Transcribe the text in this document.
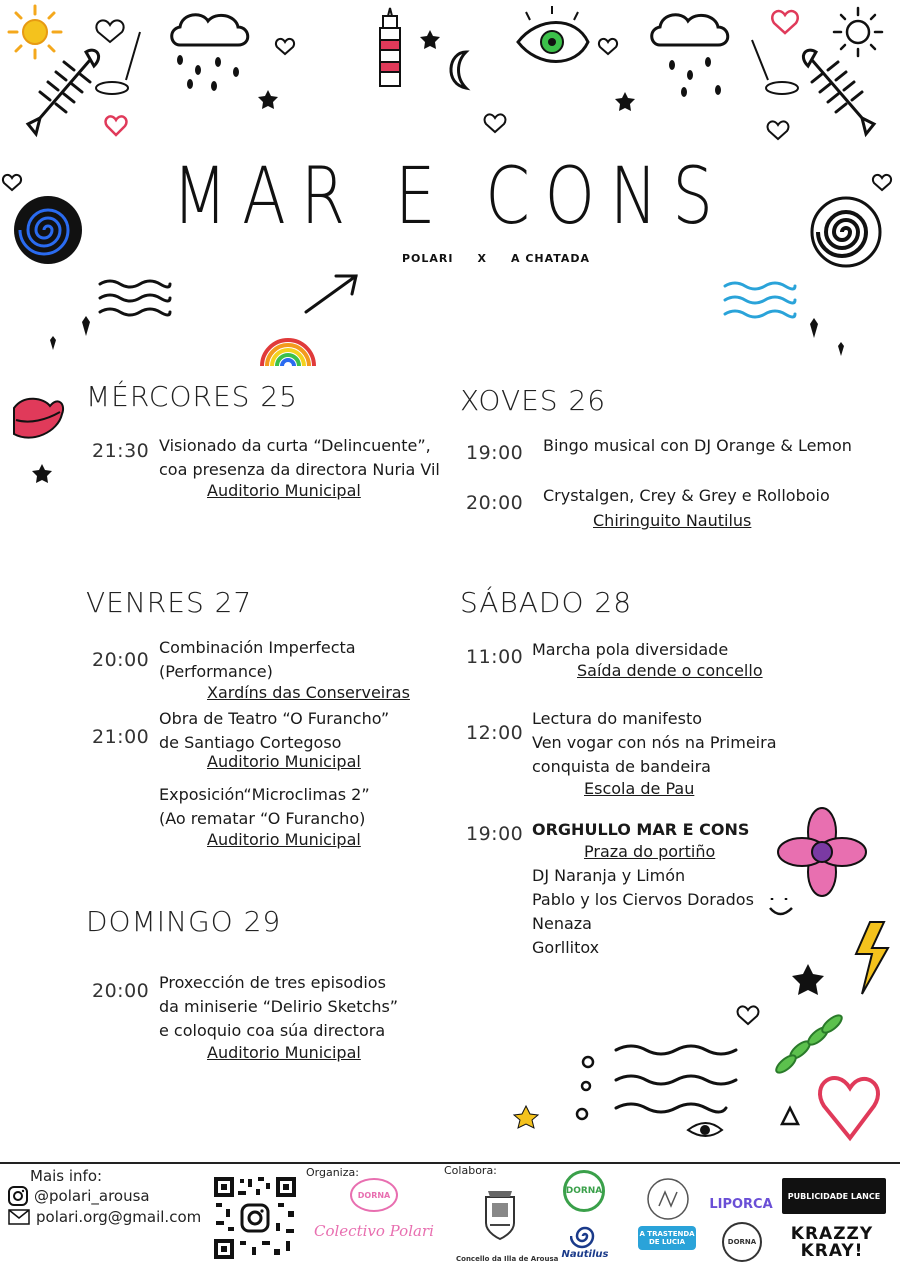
MAR E CONS
POLARI X A CHATADA
MÉRCORES 25
21:30 Visionado da curta “Delincuente”,
coa presenza da directora Nuria Vil
Auditorio Municipal
XOVES 26
19:00 Bingo musical con DJ Orange & Lemon
20:00 Crystalgen, Crey & Grey e Rolloboio
Chiringuito Nautilus
VENRES 27
20:00
Combinación Imperfecta
(Performance)
Xardíns das Conserveiras
21:00
Obra de Teatro “O Furancho”
de Santiago Cortegoso
Auditorio Municipal
Exposición“Microclimas 2”
(Ao rematar “O Furancho)
Auditorio Municipal
SÁBADO 28
11:00 Marcha pola diversidade
Saída dende o concello
12:00
Lectura do manifesto
Ven vogar con nós na Primeira
conquista de bandeira
Escola de Pau
19:00 ORGHULLO MAR E CONS
Praza do portiño
DJ Naranja y Limón
Pablo y los Ciervos Dorados
Nenaza
Gorllitox
DOMINGO 29
20:00 Proxección de tres episodios
da miniserie “Delirio Sketchs”
e coloquio coa súa directora
Auditorio Municipal
Mais info:
@polari_arousa
polari.org@gmail.com
Organiza:
DORNA
Colectivo Polari
Colabora:
Concello da Illa de Arousa
DORNA
Nautilus
A TRASTENDA DE LUCIA
LIPORCA
DORNA
PUBLICIDADE LANCE
KRAZZY KRAY!
